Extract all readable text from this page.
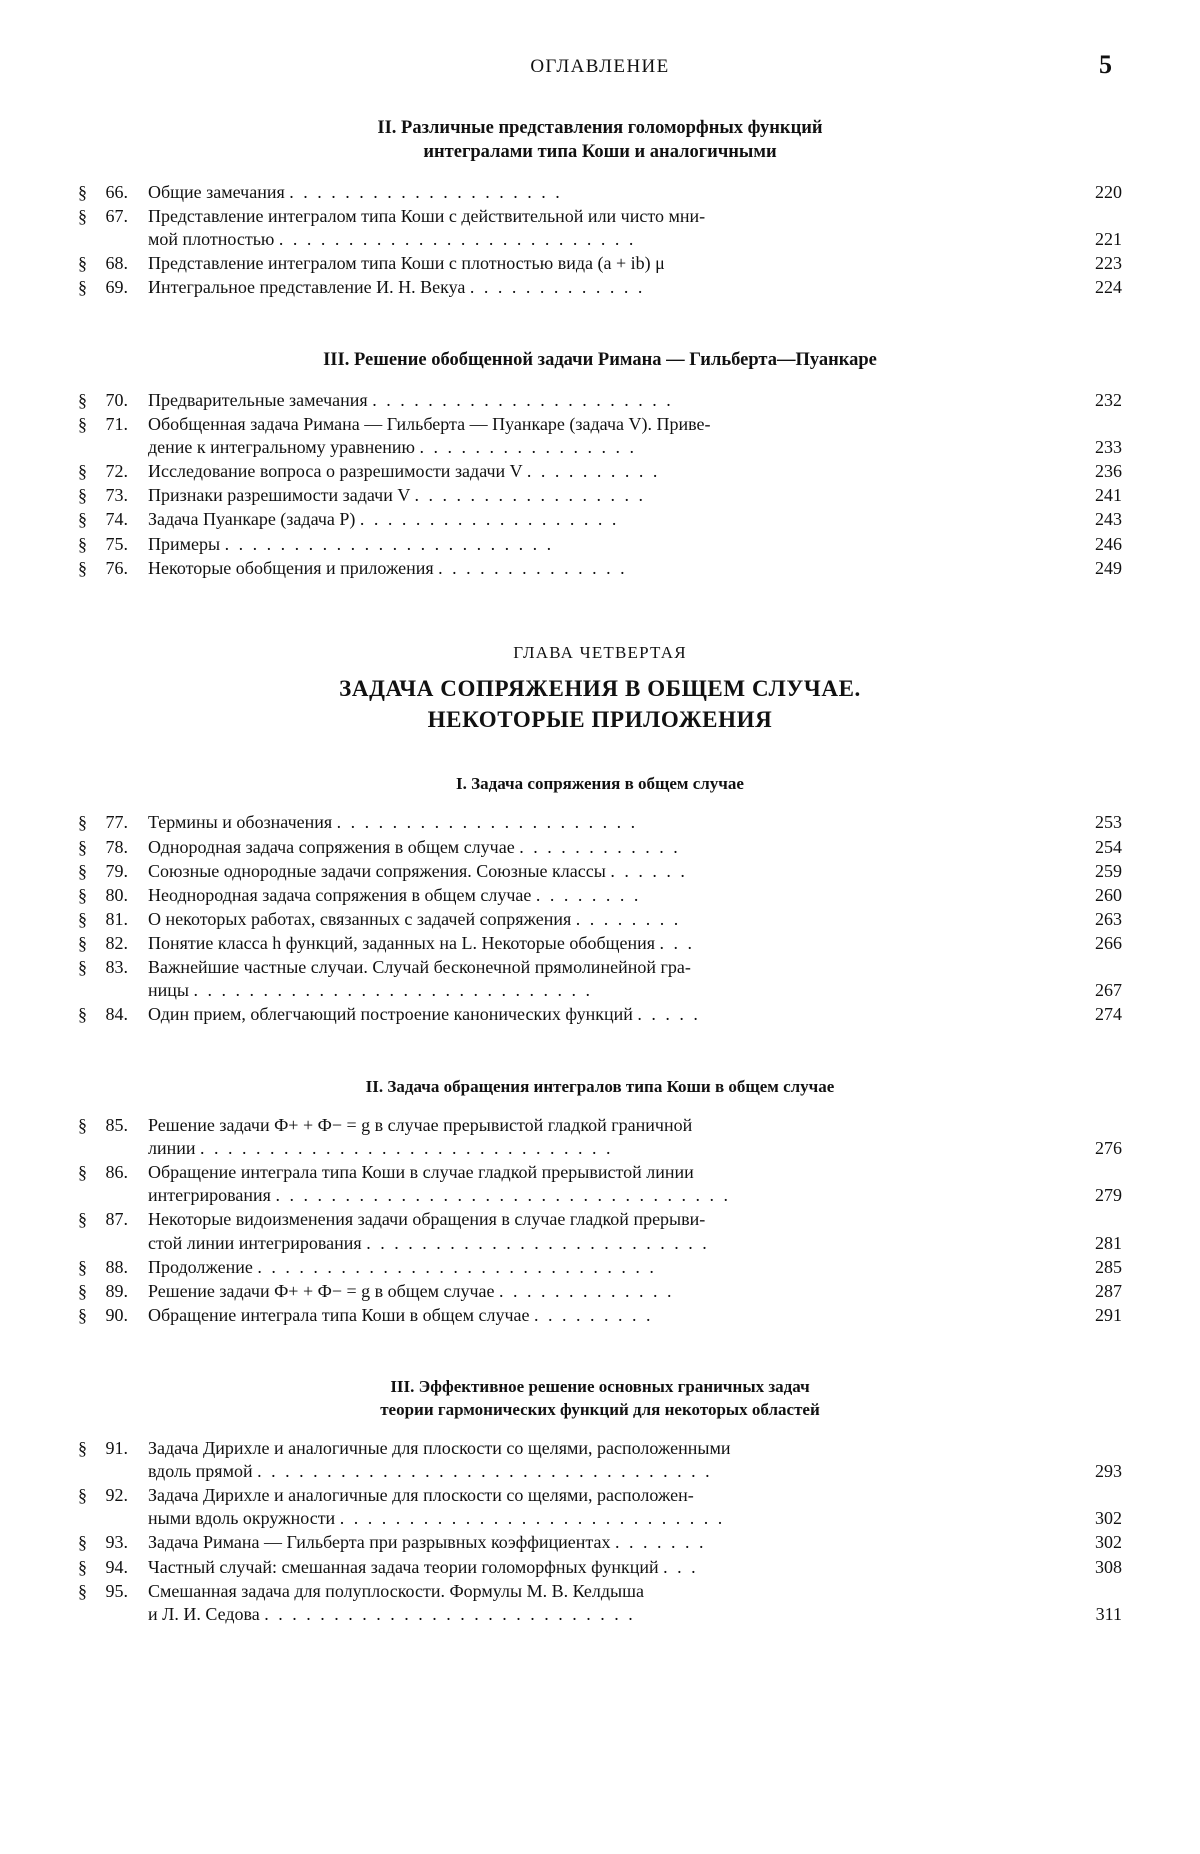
ОГЛАВЛЕНИЕ	5
II. Различные представления голоморфных функций
интегралами типа Коши и аналогичными
§	66. Общие замечания . . . . . . . . . . . . . . . . . . . .	220
§	67. Представление интегралом типа Коши с действительной или чисто мни-
мой плотностью . . . . . . . . . . . . . . . . . . . . . . . . . .	221
§	68. Представление интегралом типа Коши с плотностью вида (a + ib) μ	223
§	69. Интегральное представление И. Н. Векуа . . . . . . . . . . . . .	224
III. Решение обобщенной задачи Римана — Гильберта—Пуанкаре
§	70. Предварительные замечания . . . . . . . . . . . . . . . . . . . . . .	232
§	71. Обобщенная задача Римана — Гильберта — Пуанкаре (задача V). Приве-
дение к интегральному уравнению . . . . . . . . . . . . . . . .	233
§	72. Исследование вопроса о разрешимости задачи V . . . . . . . . . .	236
§	73. Признаки разрешимости задачи V . . . . . . . . . . . . . . . . .	241
§	74. Задача Пуанкаре (задача Р) . . . . . . . . . . . . . . . . . . .	243
§	75. Примеры . . . . . . . . . . . . . . . . . . . . . . . .	246
§	76. Некоторые обобщения и приложения . . . . . . . . . . . . . .	249
ГЛАВА ЧЕТВЕРТАЯ
ЗАДАЧА СОПРЯЖЕНИЯ В ОБЩЕМ СЛУЧАЕ.
НЕКОТОРЫЕ ПРИЛОЖЕНИЯ
I. Задача сопряжения в общем случае
§	77. Термины и обозначения . . . . . . . . . . . . . . . . . . . . . .	253
§	78. Однородная задача сопряжения в общем случае . . . . . . . . . . . .	254
§	79. Союзные однородные задачи сопряжения. Союзные классы . . . . . .	259
§	80. Неоднородная задача сопряжения в общем случае . . . . . . . .	260
§	81. О некоторых работах, связанных с задачей сопряжения . . . . . . . .	263
§	82. Понятие класса h функций, заданных на L. Некоторые обобщения . . .	266
§	83. Важнейшие частные случаи. Случай бесконечной прямолинейной гра-
ницы . . . . . . . . . . . . . . . . . . . . . . . . . . . . .	267
§	84. Один прием, облегчающий построение канонических функций . . . . .	274
II. Задача обращения интегралов типа Коши в общем случае
§	85. Решение задачи Ф+ + Ф− = g в случае прерывистой гладкой граничной
линии . . . . . . . . . . . . . . . . . . . . . . . . . . . . . .	276
§	86. Обращение интеграла типа Коши в случае гладкой прерывистой линии
интегрирования . . . . . . . . . . . . . . . . . . . . . . . . . . . . . . . . .	279
§	87. Некоторые видоизменения задачи обращения в случае гладкой прерыви-
стой линии интегрирования . . . . . . . . . . . . . . . . . . . . . . . . .	281
§	88. Продолжение . . . . . . . . . . . . . . . . . . . . . . . . . . . . .	285
§	89. Решение задачи Ф+ + Ф− = g в общем случае . . . . . . . . . . . . .	287
§	90. Обращение интеграла типа Коши в общем случае . . . . . . . . .	291
III. Эффективное решение основных граничных задач
теории гармонических функций для некоторых областей
§	91. Задача Дирихле и аналогичные для плоскости со щелями, расположенными
вдоль прямой . . . . . . . . . . . . . . . . . . . . . . . . . . . . . . . . .	293
§	92. Задача Дирихле и аналогичные для плоскости со щелями, расположен-
ными вдоль окружности . . . . . . . . . . . . . . . . . . . . . . . . . . . .	302
§	93. Задача Римана — Гильберта при разрывных коэффициентах . . . . . . .	302
§	94. Частный случай: смешанная задача теории голоморфных функций . . .	308
§	95. Смешанная задача для полуплоскости. Формулы М. В. Келдыша
и Л. И. Седова . . . . . . . . . . . . . . . . . . . . . . . . . . .	311
